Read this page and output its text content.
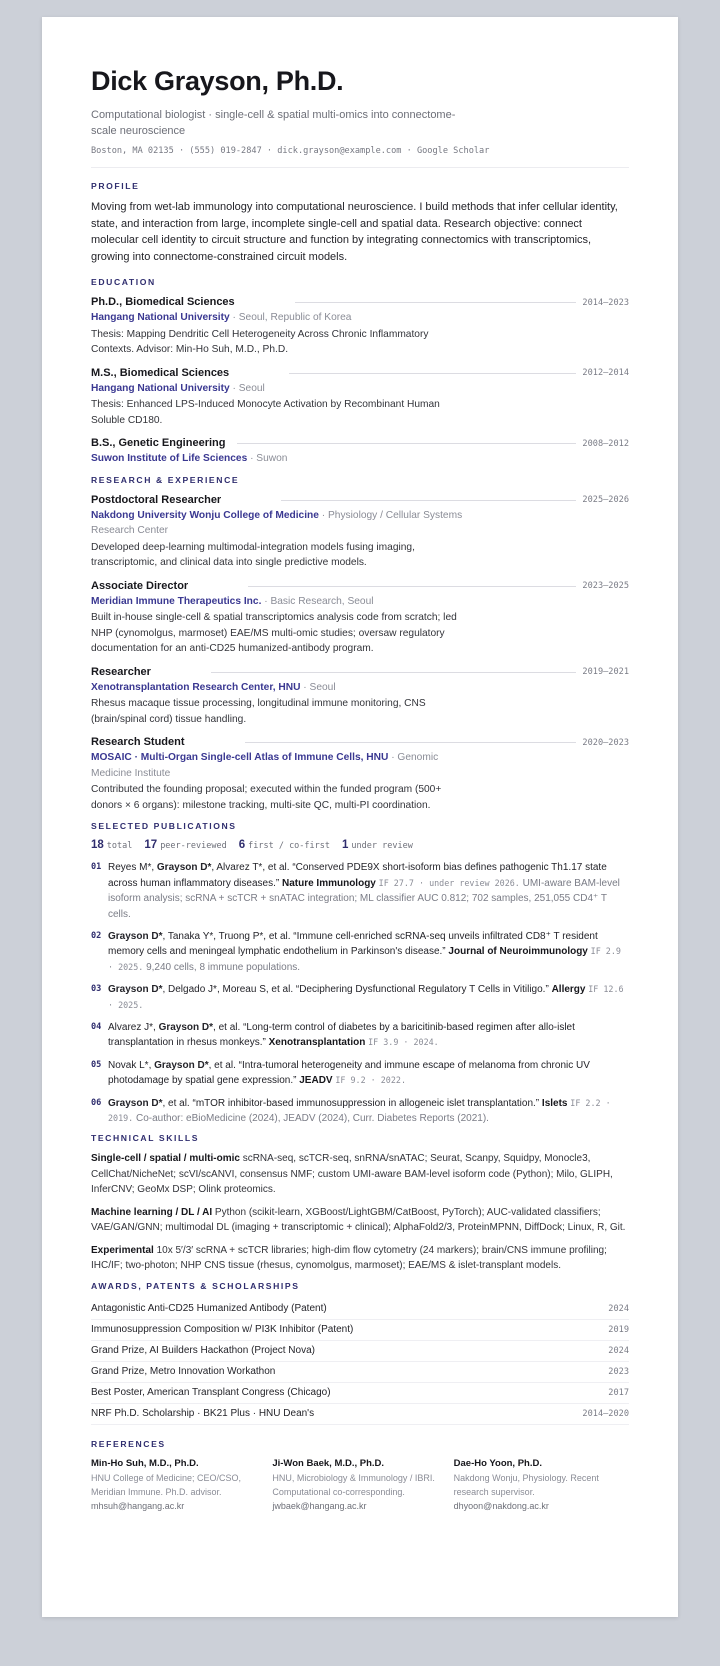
Dick Grayson, Ph.D.
Computational biologist · single-cell & spatial multi-omics into connectome-scale neuroscience
Boston, MA 02135 · (555) 019-2847 · dick.grayson@example.com · Google Scholar
PROFILE
Moving from wet-lab immunology into computational neuroscience. I build methods that infer cellular identity, state, and interaction from large, incomplete single-cell and spatial data. Research objective: connect molecular cell identity to circuit structure and function by integrating connectomics with transcriptomics, growing into connectome-constrained circuit models.
EDUCATION
Ph.D., Biomedical Sciences	2014–2023
Hangang National University · Seoul, Republic of Korea
Thesis: Mapping Dendritic Cell Heterogeneity Across Chronic Inflammatory Contexts. Advisor: Min-Ho Suh, M.D., Ph.D.
M.S., Biomedical Sciences	2012–2014
Hangang National University · Seoul
Thesis: Enhanced LPS-Induced Monocyte Activation by Recombinant Human Soluble CD180.
B.S., Genetic Engineering	2008–2012
Suwon Institute of Life Sciences · Suwon
RESEARCH & EXPERIENCE
Postdoctoral Researcher	2025–2026
Nakdong University Wonju College of Medicine · Physiology / Cellular Systems Research Center
Developed deep-learning multimodal-integration models fusing imaging, transcriptomic, and clinical data into single predictive models.
Associate Director	2023–2025
Meridian Immune Therapeutics Inc. · Basic Research, Seoul
Built in-house single-cell & spatial transcriptomics analysis code from scratch; led NHP (cynomolgus, marmoset) EAE/MS multi-omic studies; oversaw regulatory documentation for an anti-CD25 humanized-antibody program.
Researcher	2019–2021
Xenotransplantation Research Center, HNU · Seoul
Rhesus macaque tissue processing, longitudinal immune monitoring, CNS (brain/spinal cord) tissue handling.
Research Student	2020–2023
MOSAIC · Multi-Organ Single-cell Atlas of Immune Cells, HNU · Genomic Medicine Institute
Contributed the founding proposal; executed within the funded program (500+ donors × 6 organs): milestone tracking, multi-site QC, multi-PI coordination.
SELECTED PUBLICATIONS
18 total 17 peer-reviewed 6 first / co-first 1 under review
01 Reyes M*, Grayson D*, Alvarez T*, et al. “Conserved PDE9X short-isoform bias defines pathogenic Th1.17 state across human inflammatory diseases.” Nature Immunology IF 27.7 · under review 2026. UMI-aware BAM-level isoform analysis; scRNA + scTCR + snATAC integration; ML classifier AUC 0.812; 702 samples, 251,055 CD4⁺ T cells.
02 Grayson D*, Tanaka Y*, Truong P*, et al. “Immune cell-enriched scRNA-seq unveils infiltrated CD8⁺ T resident memory cells and meningeal lymphatic endothelium in Parkinson's disease.” Journal of Neuroimmunology IF 2.9 · 2025. 9,240 cells, 8 immune populations.
03 Grayson D*, Delgado J*, Moreau S, et al. “Deciphering Dysfunctional Regulatory T Cells in Vitiligo.” Allergy IF 12.6 · 2025.
04 Alvarez J*, Grayson D*, et al. “Long-term control of diabetes by a baricitinib-based regimen after allo-islet transplantation in rhesus monkeys.” Xenotransplantation IF 3.9 · 2024.
05 Novak L*, Grayson D*, et al. “Intra-tumoral heterogeneity and immune escape of melanoma from chronic UV photodamage by spatial gene expression.” JEADV IF 9.2 · 2022.
06 Grayson D*, et al. “mTOR inhibitor-based immunosuppression in allogeneic islet transplantation.” Islets IF 2.2 · 2019. Co-author: eBioMedicine (2024), JEADV (2024), Curr. Diabetes Reports (2021).
TECHNICAL SKILLS
Single-cell / spatial / multi-omic scRNA-seq, scTCR-seq, snRNA/snATAC; Seurat, Scanpy, Squidpy, Monocle3, CellChat/NicheNet; scVI/scANVI, consensus NMF; custom UMI-aware BAM-level isoform code (Python); Milo, GLIPH, InferCNV; GeoMx DSP; Olink proteomics.
Machine learning / DL / AI Python (scikit-learn, XGBoost/LightGBM/CatBoost, PyTorch); AUC-validated classifiers; VAE/GAN/GNN; multimodal DL (imaging + transcriptomic + clinical); AlphaFold2/3, ProteinMPNN, DiffDock; Linux, R, Git.
Experimental 10x 5′/3′ scRNA + scTCR libraries; high-dim flow cytometry (24 markers); brain/CNS immune profiling; IHC/IF; two-photon; NHP CNS tissue (rhesus, cynomolgus, marmoset); EAE/MS & islet-transplant models.
AWARDS, PATENTS & SCHOLARSHIPS
Antagonistic Anti-CD25 Humanized Antibody (Patent)	2024
Immunosuppression Composition w/ PI3K Inhibitor (Patent)	2019
Grand Prize, AI Builders Hackathon (Project Nova)	2024
Grand Prize, Metro Innovation Workathon	2023
Best Poster, American Transplant Congress (Chicago)	2017
NRF Ph.D. Scholarship · BK21 Plus · HNU Dean's	2014–2020
REFERENCES
Min-Ho Suh, M.D., Ph.D.
HNU College of Medicine; CEO/CSO, Meridian Immune. Ph.D. advisor.
mhsuh@hangang.ac.kr
Ji-Won Baek, M.D., Ph.D.
HNU, Microbiology & Immunology / IBRI. Computational co-corresponding.
jwbaek@hangang.ac.kr
Dae-Ho Yoon, Ph.D.
Nakdong Wonju, Physiology. Recent research supervisor.
dhyoon@nakdong.ac.kr
